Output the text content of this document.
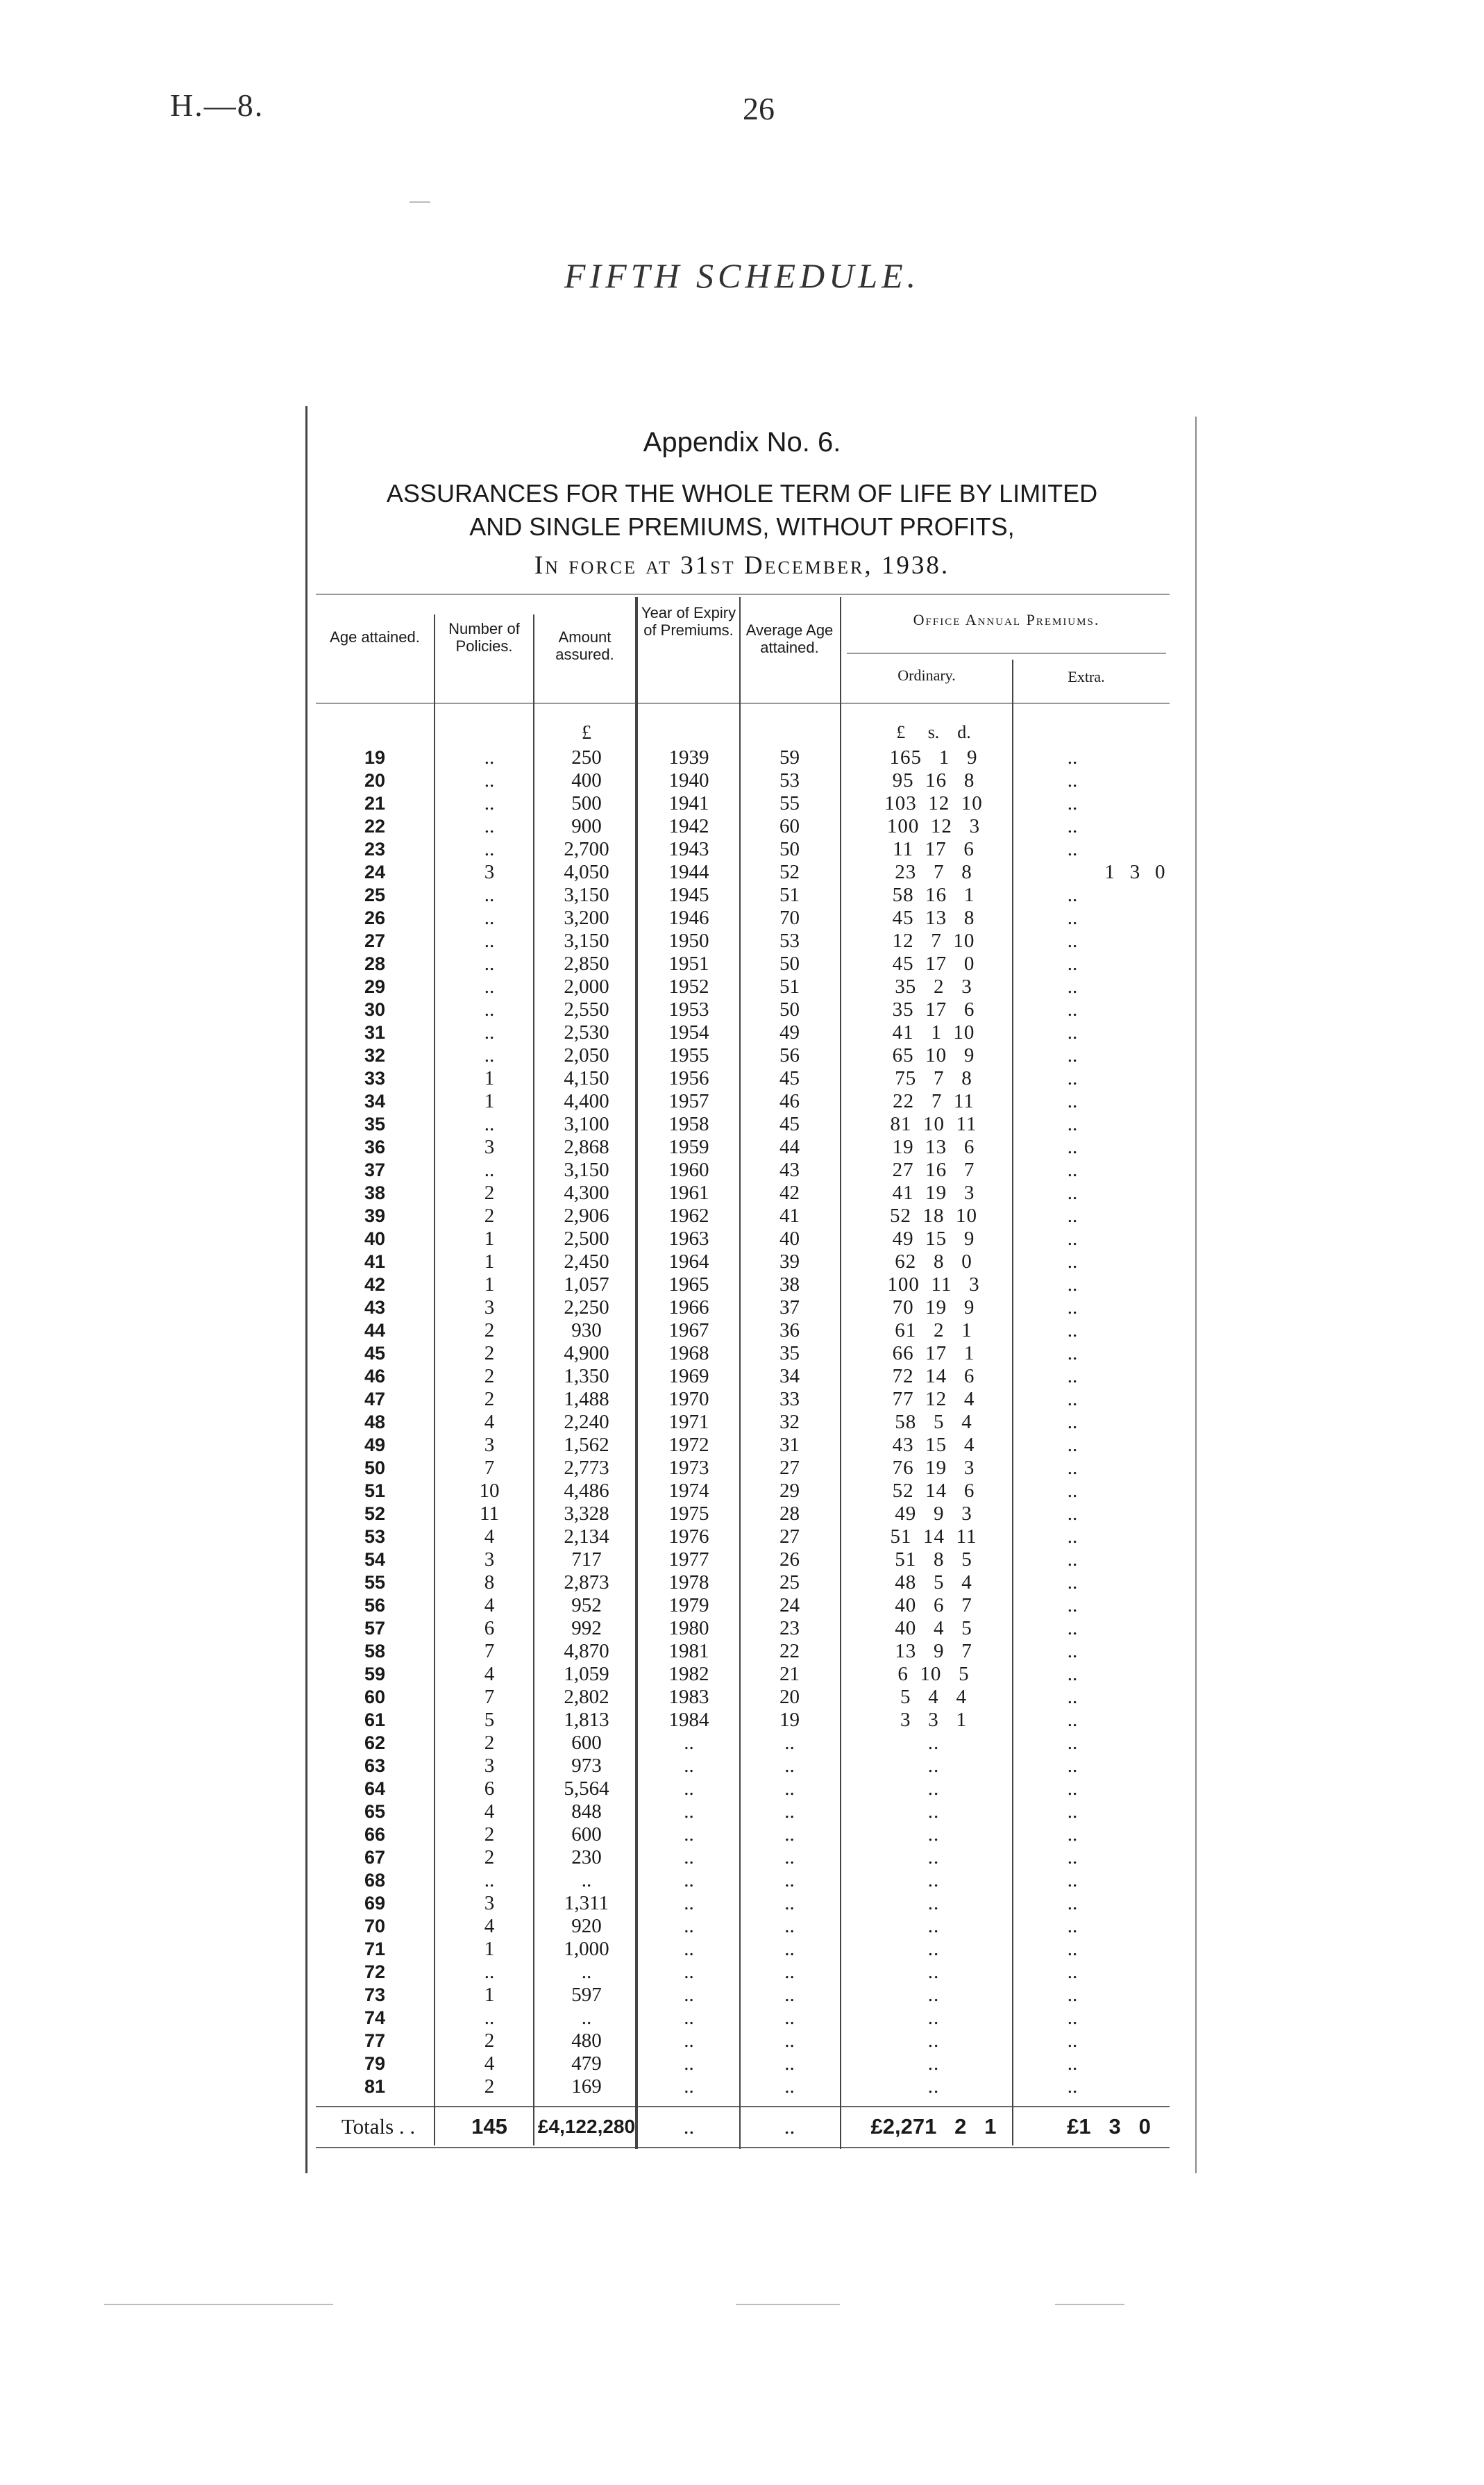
H.—8.	26
FIFTH SCHEDULE.
Appendix No. 6.
ASSURANCES FOR THE WHOLE TERM OF LIFE BY LIMITED
AND SINGLE PREMIUMS, WITHOUT PROFITS,
In force at 31st December, 1938.
Age attained.	Number of Policies.
Amount assured.
Year of Expiry of Premiums. Average Age attained.
Office Annual Premiums.
Ordinary.	Extra.
£	£     s.    d.
19	..	250	1939	59	165   1   9	..
20	..	400	1940	53	95  16   8	..
21	..	500	1941	55	103  12  10	..
22	..	900	1942	60	100  12   3	..
23	..	2,700	1943	50	11  17   6	..
24	3	4,050	1944	52	23   7   8	1   3   0
25	..	3,150	1945	51	58  16   1	..
26	..	3,200	1946	70	45  13   8	..
27	..	3,150	1950	53	12   7  10	..
28	..	2,850	1951	50	45  17   0	..
29	..	2,000	1952	51	35   2   3	..
30	..	2,550	1953	50	35  17   6	..
31	..	2,530	1954	49	41   1  10	..
32	..	2,050	1955	56	65  10   9	..
33	1	4,150	1956	45	75   7   8	..
34	1	4,400	1957	46	22   7  11	..
35	..	3,100	1958	45	81  10  11	..
36	3	2,868	1959	44	19  13   6	..
37	..	3,150	1960	43	27  16   7	..
38	2	4,300	1961	42	41  19   3	..
39	2	2,906	1962	41	52  18  10	..
40	1	2,500	1963	40	49  15   9	..
41	1	2,450	1964	39	62   8   0	..
42	1	1,057	1965	38	100  11   3	..
43	3	2,250	1966	37	70  19   9	..
44	2	930	1967	36	61   2   1	..
45	2	4,900	1968	35	66  17   1	..
46	2	1,350	1969	34	72  14   6	..
47	2	1,488	1970	33	77  12   4	..
48	4	2,240	1971	32	58   5   4	..
49	3	1,562	1972	31	43  15   4	..
50	7	2,773	1973	27	76  19   3	..
51	10	4,486	1974	29	52  14   6	..
52	11	3,328	1975	28	49   9   3	..
53	4	2,134	1976	27	51  14  11	..
54	3	717	1977	26	51   8   5	..
55	8	2,873	1978	25	48   5   4	..
56	4	952	1979	24	40   6   7	..
57	6	992	1980	23	40   4   5	..
58	7	4,870	1981	22	13   9   7	..
59	4	1,059	1982	21	6  10   5	..
60	7	2,802	1983	20	5   4   4	..
61	5	1,813	1984	19	3   3   1	..
62	2	600	..	..	..	..
63	3	973	..	..	..	..
64	6	5,564	..	..	..	..
65	4	848	..	..	..	..
66	2	600	..	..	..	..
67	2	230	..	..	..	..
68	..	..	..	..	..	..
69	3	1,311	..	..	..	..
70	4	920	..	..	..	..
71	1	1,000	..	..	..	..
72	..	..	..	..	..	..
73	1	597	..	..	..	..
74	..	..	..	..	..	..
77	2	480	..	..	..	..
79	4	479	..	..	..	..
81	2	169	..	..	..	..
Totals . .	145	£4,122,280	..	..	£2,271   2   1	£1   3   0
